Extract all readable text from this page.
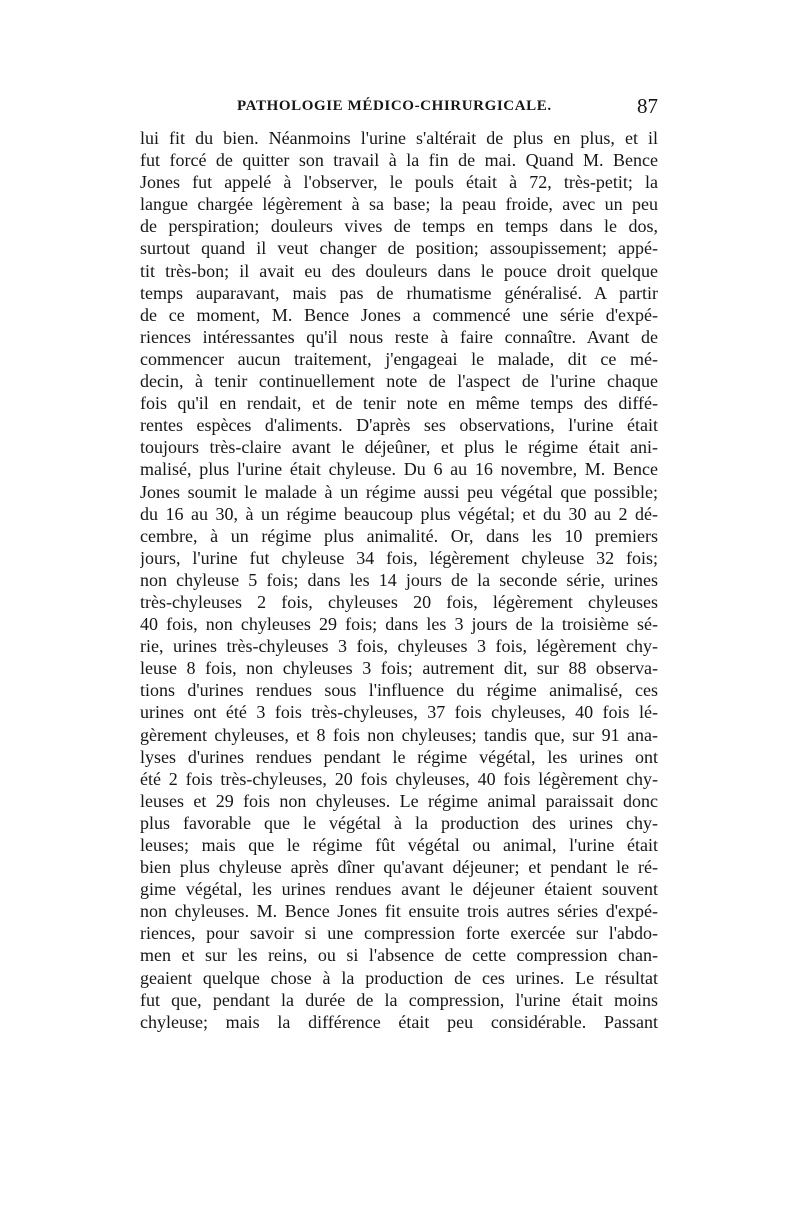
PATHOLOGIE MÉDICO-CHIRURGICALE.	87
lui fit du bien. Néanmoins l'urine s'altérait de plus en plus, et il
fut forcé de quitter son travail à la fin de mai. Quand M. Bence
Jones fut appelé à l'observer, le pouls était à 72, très-petit; la
langue chargée légèrement à sa base; la peau froide, avec un peu
de perspiration; douleurs vives de temps en temps dans le dos,
surtout quand il veut changer de position; assoupissement; appé-
tit très-bon; il avait eu des douleurs dans le pouce droit quelque
temps auparavant, mais pas de rhumatisme généralisé. A partir
de ce moment, M. Bence Jones a commencé une série d'expé-
riences intéressantes qu'il nous reste à faire connaître. Avant de
commencer aucun traitement, j'engageai le malade, dit ce mé-
decin, à tenir continuellement note de l'aspect de l'urine chaque
fois qu'il en rendait, et de tenir note en même temps des diffé-
rentes espèces d'aliments. D'après ses observations, l'urine était
toujours très-claire avant le déjeûner, et plus le régime était ani-
malisé, plus l'urine était chyleuse. Du 6 au 16 novembre, M. Bence
Jones soumit le malade à un régime aussi peu végétal que possible;
du 16 au 30, à un régime beaucoup plus végétal; et du 30 au 2 dé-
cembre, à un régime plus animalité. Or, dans les 10 premiers
jours, l'urine fut chyleuse 34 fois, légèrement chyleuse 32 fois;
non chyleuse 5 fois; dans les 14 jours de la seconde série, urines
très-chyleuses 2 fois, chyleuses 20 fois, légèrement chyleuses
40 fois, non chyleuses 29 fois; dans les 3 jours de la troisième sé-
rie, urines très-chyleuses 3 fois, chyleuses 3 fois, légèrement chy-
leuse 8 fois, non chyleuses 3 fois; autrement dit, sur 88 observa-
tions d'urines rendues sous l'influence du régime animalisé, ces
urines ont été 3 fois très-chyleuses, 37 fois chyleuses, 40 fois lé-
gèrement chyleuses, et 8 fois non chyleuses; tandis que, sur 91 ana-
lyses d'urines rendues pendant le régime végétal, les urines ont
été 2 fois très-chyleuses, 20 fois chyleuses, 40 fois légèrement chy-
leuses et 29 fois non chyleuses. Le régime animal paraissait donc
plus favorable que le végétal à la production des urines chy-
leuses; mais que le régime fût végétal ou animal, l'urine était
bien plus chyleuse après dîner qu'avant déjeuner; et pendant le ré-
gime végétal, les urines rendues avant le déjeuner étaient souvent
non chyleuses. M. Bence Jones fit ensuite trois autres séries d'expé-
riences, pour savoir si une compression forte exercée sur l'abdo-
men et sur les reins, ou si l'absence de cette compression chan-
geaient quelque chose à la production de ces urines. Le résultat
fut que, pendant la durée de la compression, l'urine était moins
chyleuse; mais la différence était peu considérable. Passant
